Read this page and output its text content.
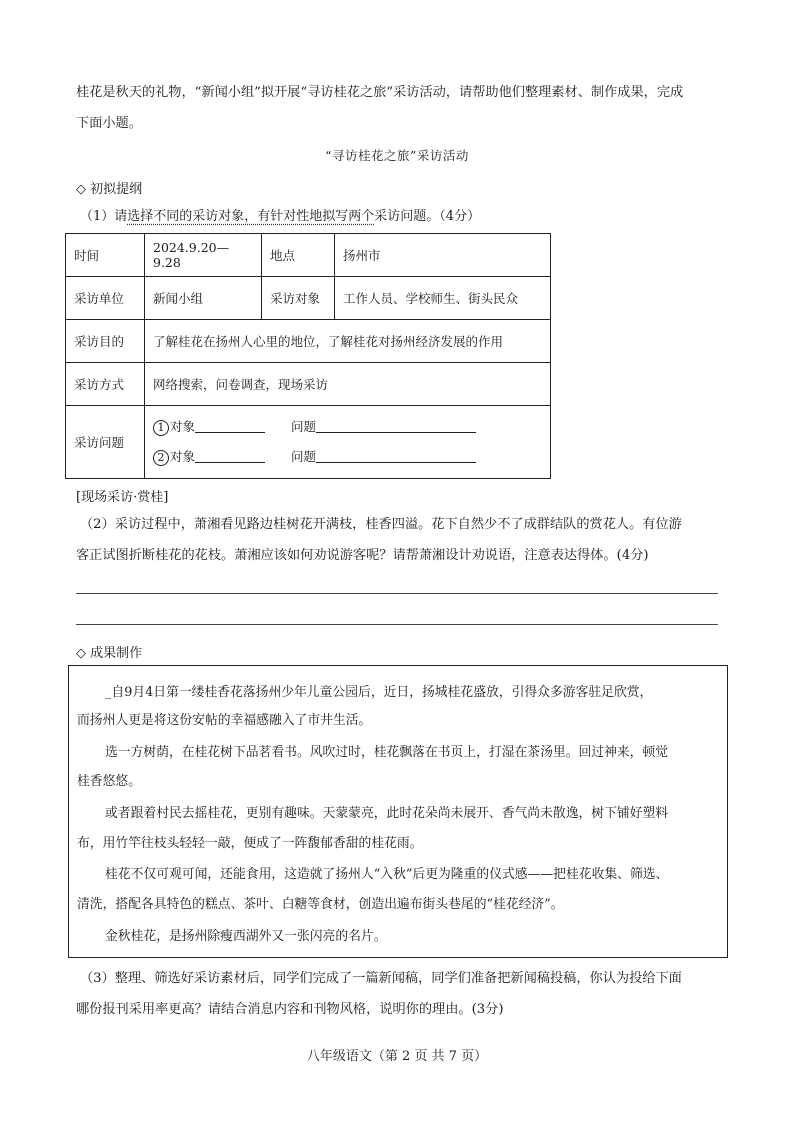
桂花是秋天的礼物，“新闻小组”拟开展“寻访桂花之旅”采访活动，请帮助他们整理素材、制作成果，完成
下面小题。
“寻访桂花之旅”采访活动
◇ 初拟提纲
（1）请选择不同的采访对象，有针对性地拟写两个采访问题。（4分）
时间	2024.9.20—9.28	地点	扬州市
采访单位	新闻小组	采访对象	工作人员、学校师生、街头民众
采访目的	了解桂花在扬州人心里的地位，了解桂花对扬州经济发展的作用		
采访方式	网络搜索，问卷调查，现场采访		
采访问题	1 对象 问题
2 对象 问题		
[现场采访·赏桂]
（2）采访过程中，萧湘看见路边桂树花开满枝，桂香四溢。花下自然少不了成群结队的赏花人。有位游
客正试图折断桂花的花枝。萧湘应该如何劝说游客呢？请帮萧湘设计劝说语，注意表达得体。(4分)
◇ 成果制作
_自9月4日第一缕桂香花落扬州少年儿童公园后，近日，扬城桂花盛放，引得众多游客驻足欣赏，
而扬州人更是将这份安帖的幸福感融入了市井生活。
选一方树荫，在桂花树下品茗看书。风吹过时，桂花飘落在书页上，打湿在茶汤里。回过神来，顿觉
桂香悠悠。
或者跟着村民去摇桂花，更别有趣味。天蒙蒙亮，此时花朵尚未展开、香气尚未散逸，树下铺好塑料
布，用竹竿往枝头轻轻一敲，便成了一阵馥郁香甜的桂花雨。
桂花不仅可观可闻，还能食用，这造就了扬州人“入秋”后更为隆重的仪式感——把桂花收集、筛选、
清洗，搭配各具特色的糕点、茶叶、白糖等食材，创造出遍布街头巷尾的“桂花经济”。
金秋桂花，是扬州除瘦西湖外又一张闪亮的名片。
（3）整理、筛选好采访素材后，同学们完成了一篇新闻稿，同学们准备把新闻稿投稿，你认为投给下面
哪份报刊采用率更高？请结合消息内容和刊物风格，说明你的理由。(3分)
八年级语文（第 2 页 共 7 页）
